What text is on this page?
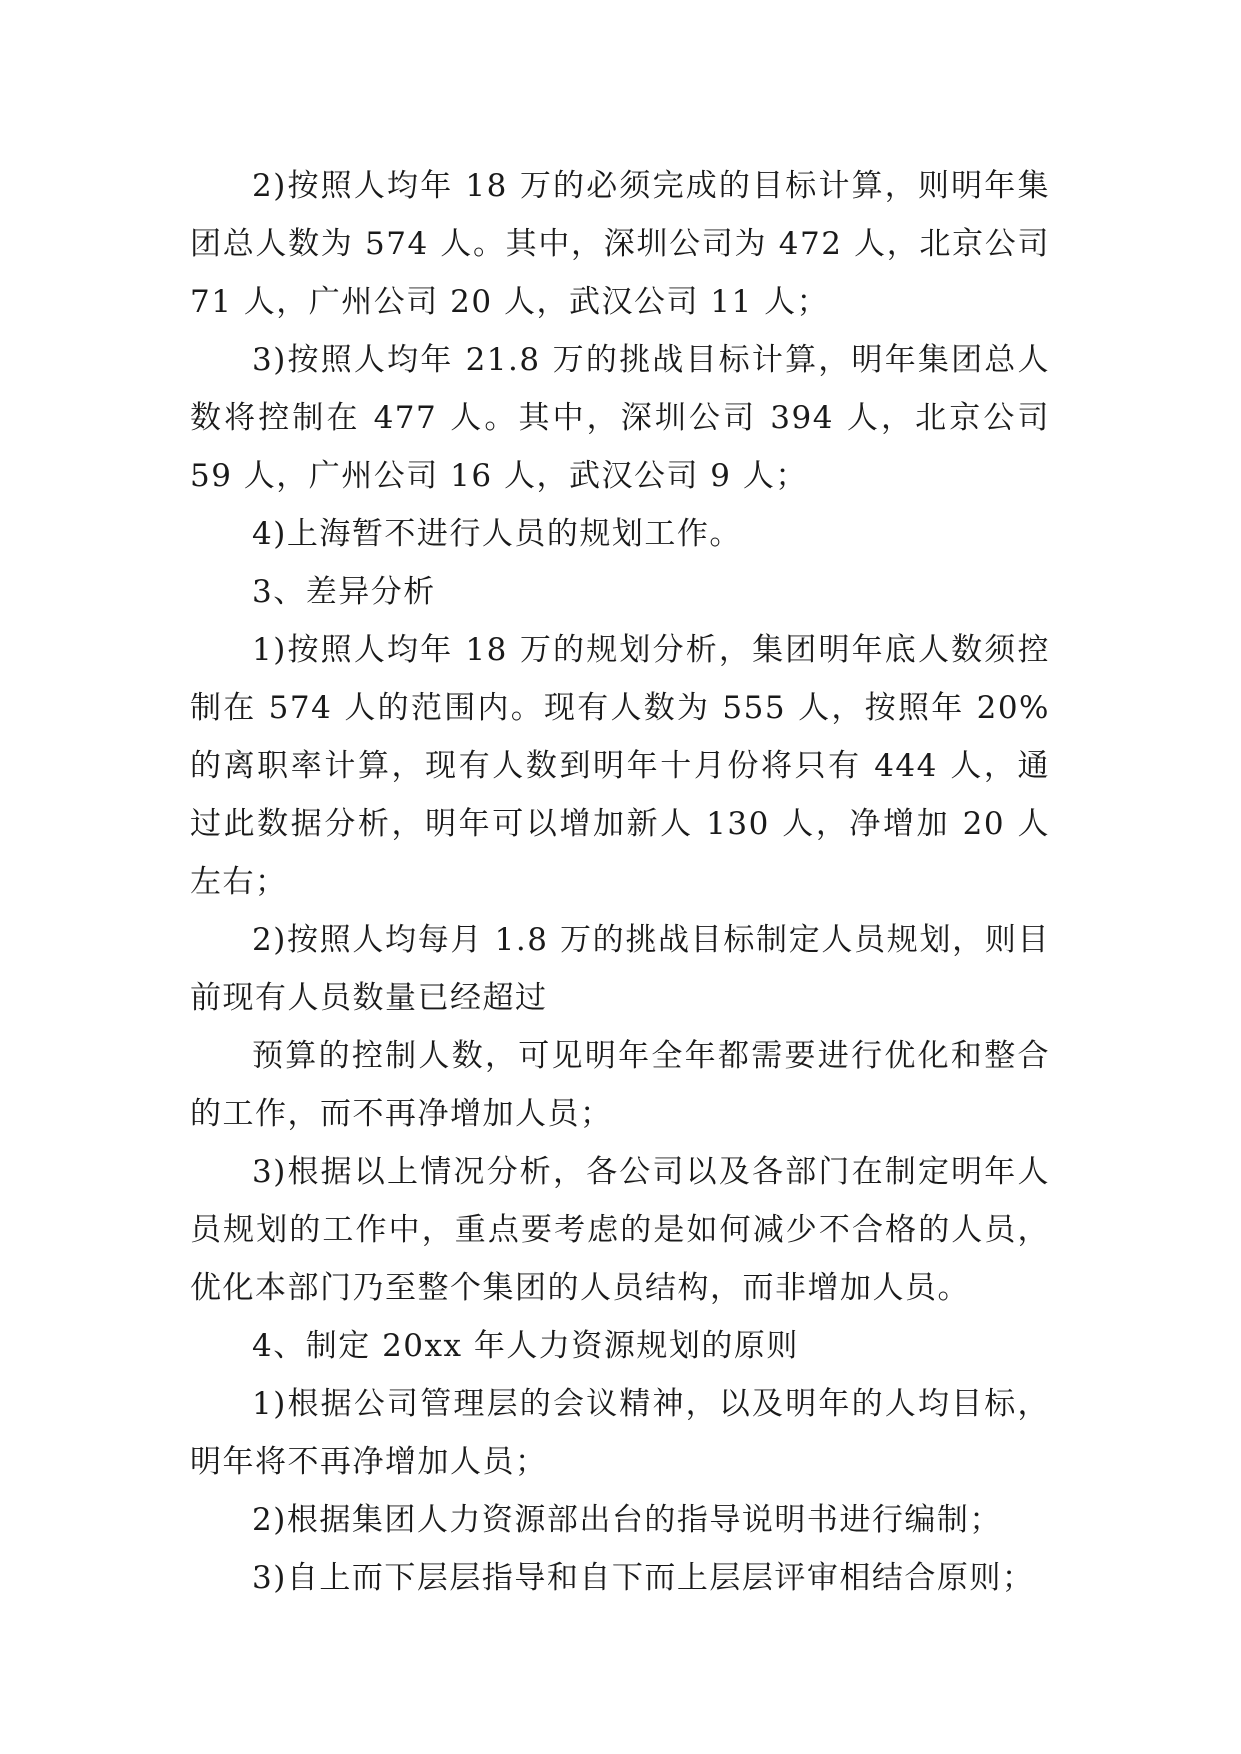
2)按照人均年 18 万的必须完成的目标计算，则明年集团总人数为 574 人。其中，深圳公司为 472 人，北京公司 71 人，广州公司 20 人，武汉公司 11 人；

3)按照人均年 21.8 万的挑战目标计算，明年集团总人数将控制在 477 人。其中，深圳公司 394 人，北京公司 59 人，广州公司 16 人，武汉公司 9 人；

4)上海暂不进行人员的规划工作。

3、差异分析

1)按照人均年 18 万的规划分析，集团明年底人数须控制在 574 人的范围内。现有人数为 555 人，按照年 20%的离职率计算，现有人数到明年十月份将只有 444 人，通过此数据分析，明年可以增加新人 130 人，净增加 20 人左右；

2)按照人均每月 1.8 万的挑战目标制定人员规划，则目前现有人员数量已经超过

预算的控制人数，可见明年全年都需要进行优化和整合的工作，而不再净增加人员；

3)根据以上情况分析，各公司以及各部门在制定明年人员规划的工作中，重点要考虑的是如何减少不合格的人员，优化本部门乃至整个集团的人员结构，而非增加人员。

4、制定 20xx 年人力资源规划的原则

1)根据公司管理层的会议精神，以及明年的人均目标，明年将不再净增加人员；

2)根据集团人力资源部出台的指导说明书进行编制；

3)自上而下层层指导和自下而上层层评审相结合原则；
